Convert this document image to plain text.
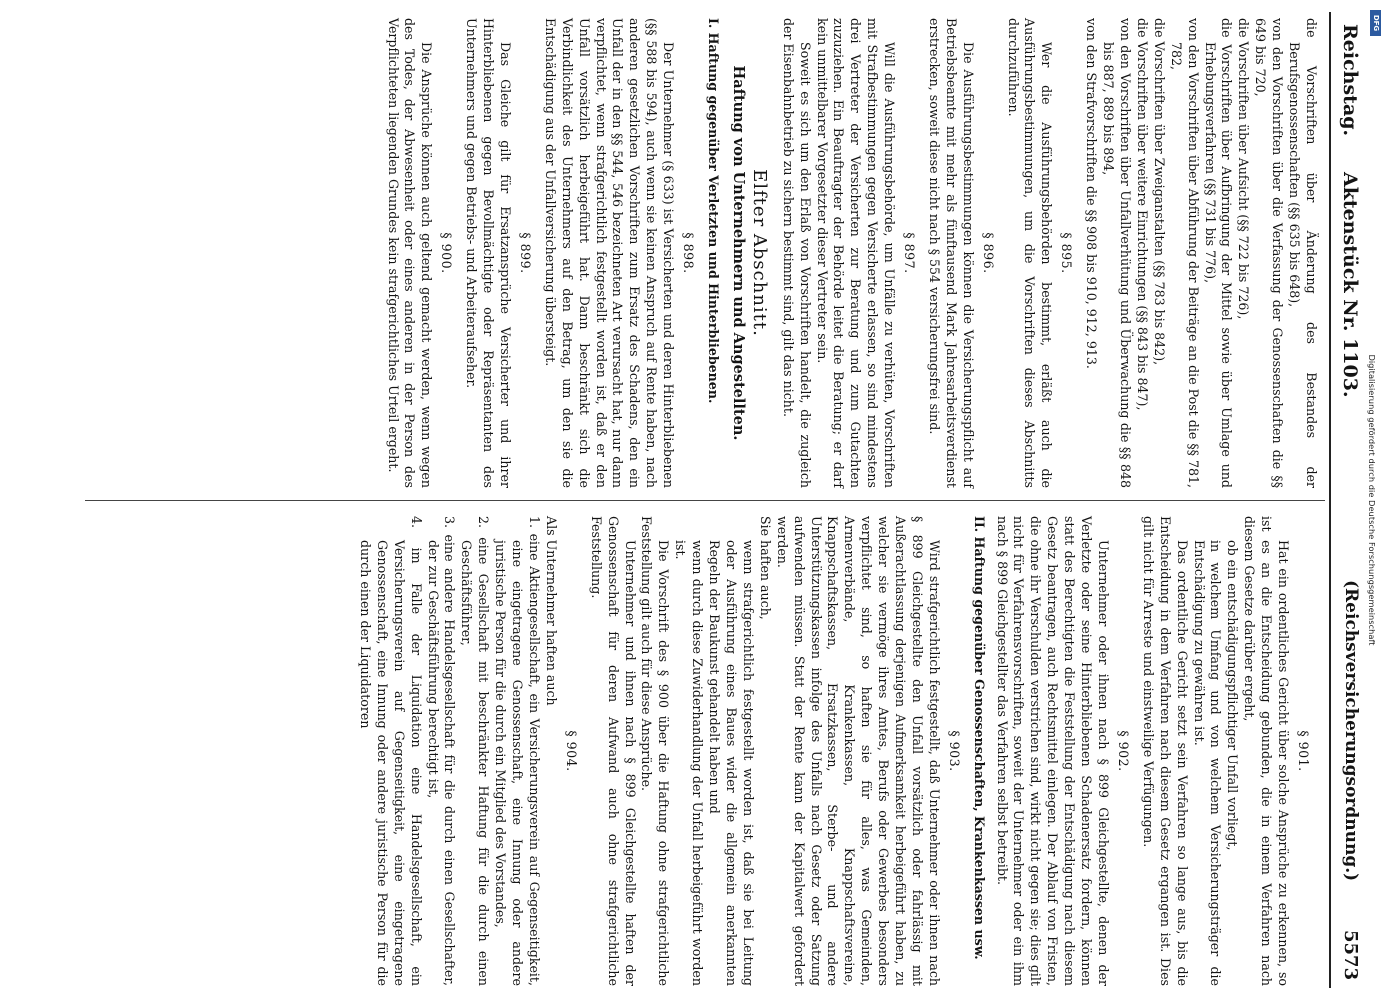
Reichstag.
Aktenstück Nr. 1103.
(Reichsversicherungsordnung.)
5573

die Vorschriften über Änderung des Bestandes der Berufsgenossenschaften (§§ 635 bis 648),

von den Vorschriften über die Verfassung der Genossenschaften die §§ 649 bis 720,

die Vorschriften über Aufsicht (§§ 722 bis 726),

die Vorschriften über Aufbringung der Mittel sowie über Umlage und Erhebungsverfahren (§§ 731 bis 776),

von den Vorschriften über Abführung der Beiträge an die Post die §§ 781, 782,

die Vorschriften über Zweiganstalten (§§ 783 bis 842),

die Vorschriften über weitere Einrichtungen (§§ 843 bis 847),

von den Vorschriften über Unfallverhütung und Überwachung die §§ 848 bis 887, 889 bis 894,

von den Strafvorschriften die §§ 908 bis 910, 912, 913.

§ 895.

Wer die Ausführungsbehörden bestimmt, erläßt auch die Ausführungsbestimmungen, um die Vorschriften dieses Abschnitts durchzuführen.

§ 896.

Die Ausführungsbestimmungen können die Versicherungspflicht auf Betriebsbeamte mit mehr als fünftausend Mark Jahresarbeitsverdienst erstrecken, soweit diese nicht nach § 554 versicherungsfrei sind.

§ 897.

Will die Ausführungsbehörde, um Unfälle zu verhüten, Vorschriften mit Strafbestimmungen gegen Versicherte erlassen, so sind mindestens drei Vertreter der Versicherten zur Beratung und zum Gutachten zuzuziehen. Ein Beauftragter der Behörde leitet die Beratung; er darf kein unmittelbarer Vorgesetzter dieser Vertreter sein.

Soweit es sich um den Erlaß von Vorschriften handelt, die zugleich der Eisenbahnbetrieb zu sichern bestimmt sind, gilt das nicht.

Elfter Abschnitt.

Haftung von Unternehmern und Angestellten.

I. Haftung gegenüber Verletzten und Hinterbliebenen.

§ 898.

Der Unternehmer (§ 633) ist Versicherten und deren Hinterbliebenen (§§ 588 bis 594), auch wenn sie keinen Anspruch auf Rente haben, nach anderen gesetzlichen Vorschriften zum Ersatz des Schadens, den ein Unfall der in den §§ 544, 546 bezeichneten Art verursacht hat, nur dann verpflichtet, wenn strafgerichtlich festgestellt worden ist, daß er den Unfall vorsätzlich herbeigeführt hat. Dann beschränkt sich die Verbindlichkeit des Unternehmers auf den Betrag, um den sie die Entschädigung aus der Unfallversicherung übersteigt.

§ 899.

Das Gleiche gilt für Ersatzansprüche Versicherter und ihrer Hinterbliebenen gegen Bevollmächtigte oder Repräsentanten des Unternehmers und gegen Betriebs- und Arbeiteraufseher.

§ 900.

Die Ansprüche können auch geltend gemacht werden, wenn wegen des Todes, der Abwesenheit oder eines anderen in der Person des Verpflichteten liegenden Grundes kein strafgerichtliches Urteil ergeht.

§ 901.

Hat ein ordentliches Gericht über solche Ansprüche zu erkennen, so ist es an die Entscheidung gebunden, die in einem Verfahren nach diesem Gesetze darüber ergeht,

ob ein entschädigungspflichtiger Unfall vorliegt,

in welchem Umfang und von welchem Versicherungsträger die Entschädigung zu gewähren ist.

Das ordentliche Gericht setzt sein Verfahren so lange aus, bis die Entscheidung in dem Verfahren nach diesem Gesetz ergangen ist. Dies gilt nicht für Arreste und einstweilige Verfügungen.

§ 902.

Unternehmer oder ihnen nach § 899 Gleichgestellte, denen der Verletzte oder seine Hinterbliebenen Schadenersatz fordern, können statt des Berechtigten die Feststellung der Entschädigung nach diesem Gesetz beantragen, auch Rechtsmittel einlegen. Der Ablauf von Fristen, die ohne ihr Verschulden verstrichen sind, wirkt nicht gegen sie; dies gilt nicht für Verfahrensvorschriften, soweit der Unternehmer oder ein ihm nach § 899 Gleichgestellter das Verfahren selbst betreibt.

II. Haftung gegenüber Genossenschaften, Krankenkassen usw.

§ 903.

Wird strafgerichtlich festgestellt, daß Unternehmer oder ihnen nach § 899 Gleichgestellte den Unfall vorsätzlich oder fahrlässig mit Außerachtlassung derjenigen Aufmerksamkeit herbeigeführt haben, zu welcher sie vermöge ihres Amtes, Berufs oder Gewerbes besonders verpflichtet sind, so haften sie für alles, was Gemeinden, Armenverbände, Krankenkassen, Knappschaftsvereine, Knappschaftskassen, Ersatzkassen, Sterbe- und andere Unterstützungskassen infolge des Unfalls nach Gesetz oder Satzung aufwenden müssen. Statt der Rente kann der Kapitalwert gefordert werden.

Sie haften auch,

wenn strafgerichtlich festgestellt worden ist, daß sie bei Leitung oder Ausführung eines Baues wider die allgemein anerkannten Regeln der Baukunst gehandelt haben und

wenn durch diese Zuwiderhandlung der Unfall herbeigeführt worden ist.

Die Vorschrift des § 900 über die Haftung ohne strafgerichtliche Feststellung gilt auch für diese Ansprüche.

Unternehmer und ihnen nach § 899 Gleichgestellte haften der Genossenschaft für deren Aufwand auch ohne strafgerichtliche Feststellung.

§ 904.

Als Unternehmer haften auch

1. eine Aktiengesellschaft, ein Versicherungsverein auf Gegenseitigkeit, eine eingetragene Genossenschaft, eine Innung oder andere juristische Person für die durch ein Mitglied des Vorstandes,

2. eine Gesellschaft mit beschränkter Haftung für die durch einen Geschäftsführer,

3. eine andere Handelsgesellschaft für die durch einen Gesellschafter, der zur Geschäftsführung berechtigt ist,

4. im Falle der Liquidation eine Handelsgesellschaft, ein Versicherungsverein auf Gegenseitigkeit, eine eingetragene Genossenschaft, eine Innung oder andere juristische Person für die durch einen der Liquidatoren	Digitalisierung gefördert durch die Deutsche Forschungsgemeinschaft
DFG
